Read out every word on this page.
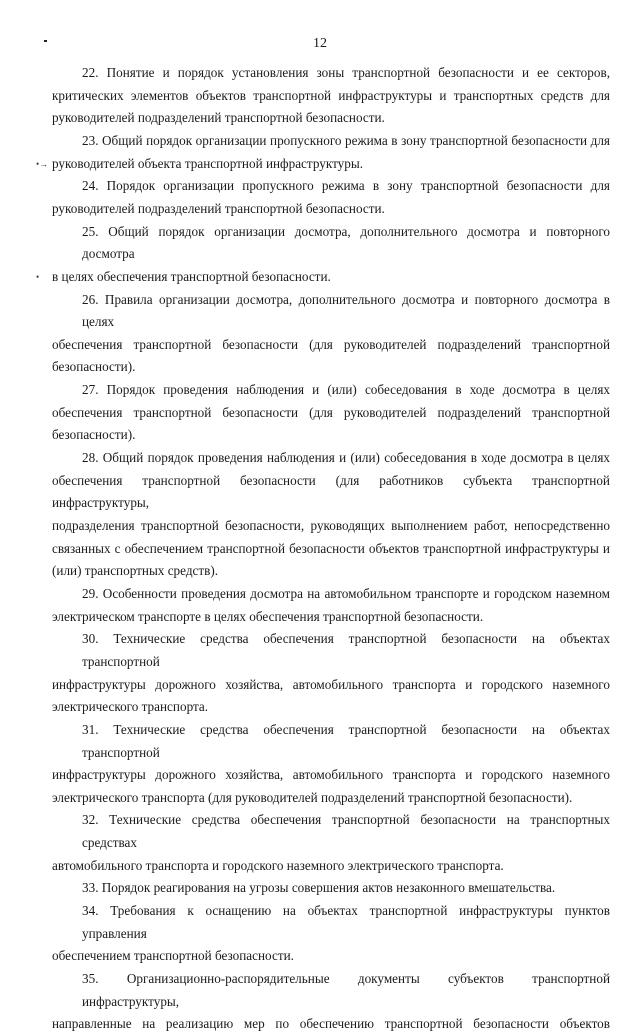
•→
•
12
22. Понятие и порядок установления зоны транспортной безопасности и ее секторов,
критических элементов объектов транспортной инфраструктуры и транспортных средств для
руководителей подразделений транспортной безопасности.
23. Общий порядок организации пропускного режима в зону транспортной безопасности для
руководителей объекта транспортной инфраструктуры.
24. Порядок организации пропускного режима в зону транспортной безопасности для
руководителей подразделений транспортной безопасности.
25. Общий порядок организации досмотра, дополнительного досмотра и повторного досмотра
в целях обеспечения транспортной безопасности.
26. Правила организации досмотра, дополнительного досмотра и повторного досмотра в целях
обеспечения транспортной безопасности (для руководителей подразделений транспортной
безопасности).
27. Порядок проведения наблюдения и (или) собеседования в ходе досмотра в целях
обеспечения транспортной безопасности (для руководителей подразделений транспортной
безопасности).
28. Общий порядок проведения наблюдения и (или) собеседования в ходе досмотра в целях
обеспечения транспортной безопасности (для работников субъекта транспортной инфраструктуры,
подразделения транспортной безопасности, руководящих выполнением работ, непосредственно
связанных с обеспечением транспортной безопасности объектов транспортной инфраструктуры и
(или) транспортных средств).
29. Особенности проведения досмотра на автомобильном транспорте и городском наземном
электрическом транспорте в целях обеспечения транспортной безопасности.
30. Технические средства обеспечения транспортной безопасности на объектах транспортной
инфраструктуры дорожного хозяйства, автомобильного транспорта и городского наземного
электрического транспорта.
31. Технические средства обеспечения транспортной безопасности на объектах транспортной
инфраструктуры дорожного хозяйства, автомобильного транспорта и городского наземного
электрического транспорта (для руководителей подразделений транспортной безопасности).
32. Технические средства обеспечения транспортной безопасности на транспортных средствах
автомобильного транспорта и городского наземного электрического транспорта.
33. Порядок реагирования на угрозы совершения актов незаконного вмешательства.
34. Требования к оснащению на объектах транспортной инфраструктуры пунктов управления
обеспечением транспортной безопасности.
35. Организационно-распорядительные документы субъектов транспортной инфраструктуры,
направленные на реализацию мер по обеспечению транспортной безопасности объектов
